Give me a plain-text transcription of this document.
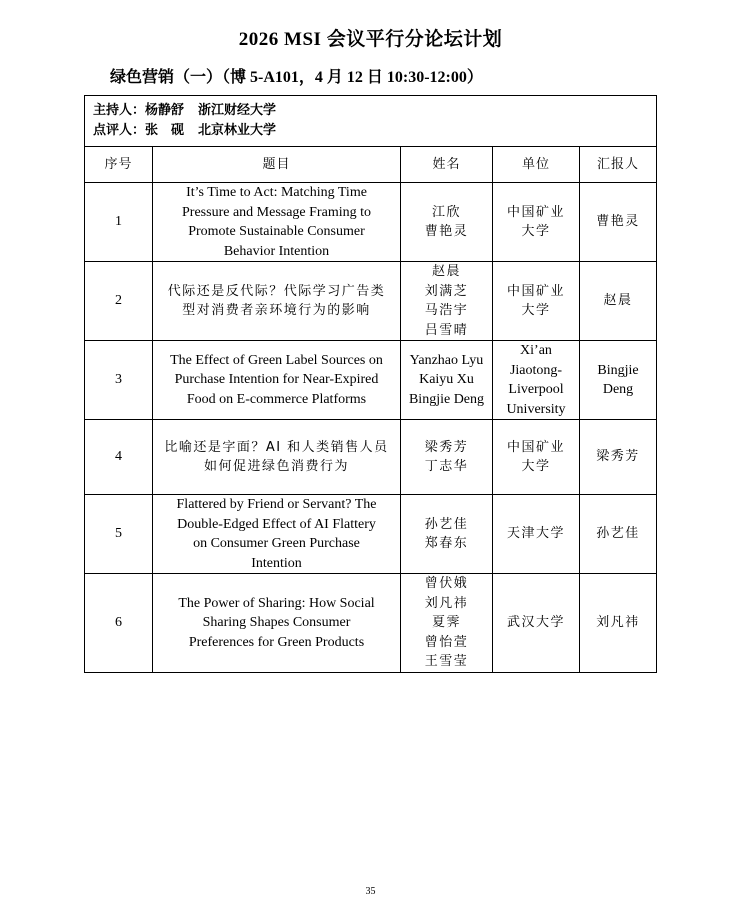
2026 MSI 会议平行分论坛计划
绿色营销（一）（博 5-A101，4 月 12 日 10:30-12:00）
主持人：杨静舒 浙江财经大学
点评人：张　砚 北京林业大学				

序号	题目	姓名	单位	汇报人
1	It’s Time to Act: Matching Time
Pressure and Message Framing to
Promote Sustainable Consumer
Behavior Intention	江欣
曹艳灵	中国矿业
大学	曹艳灵
2	代际还是反代际？代际学习广告类
型对消费者亲环境行为的影响	赵晨
刘满芝
马浩宇
吕雪晴	中国矿业
大学	赵晨
3	The Effect of Green Label Sources on
Purchase Intention for Near-Expired
Food on E-commerce Platforms	Yanzhao Lyu
Kaiyu Xu
Bingjie Deng	Xi’an
Jiaotong-
Liverpool
University	Bingjie
Deng

4	比喻还是字面？AI 和人类销售人员
如何促进绿色消费行为	梁秀芳
丁志华	中国矿业
大学	梁秀芳
5	Flattered by Friend or Servant? The
Double-Edged Effect of AI Flattery
on Consumer Green Purchase
Intention	孙艺佳
郑春东	天津大学	孙艺佳
6	The Power of Sharing: How Social
Sharing Shapes Consumer
Preferences for Green Products	曾伏娥
刘凡祎
夏霁
曾怡萱
王雪莹	武汉大学	刘凡祎
35
